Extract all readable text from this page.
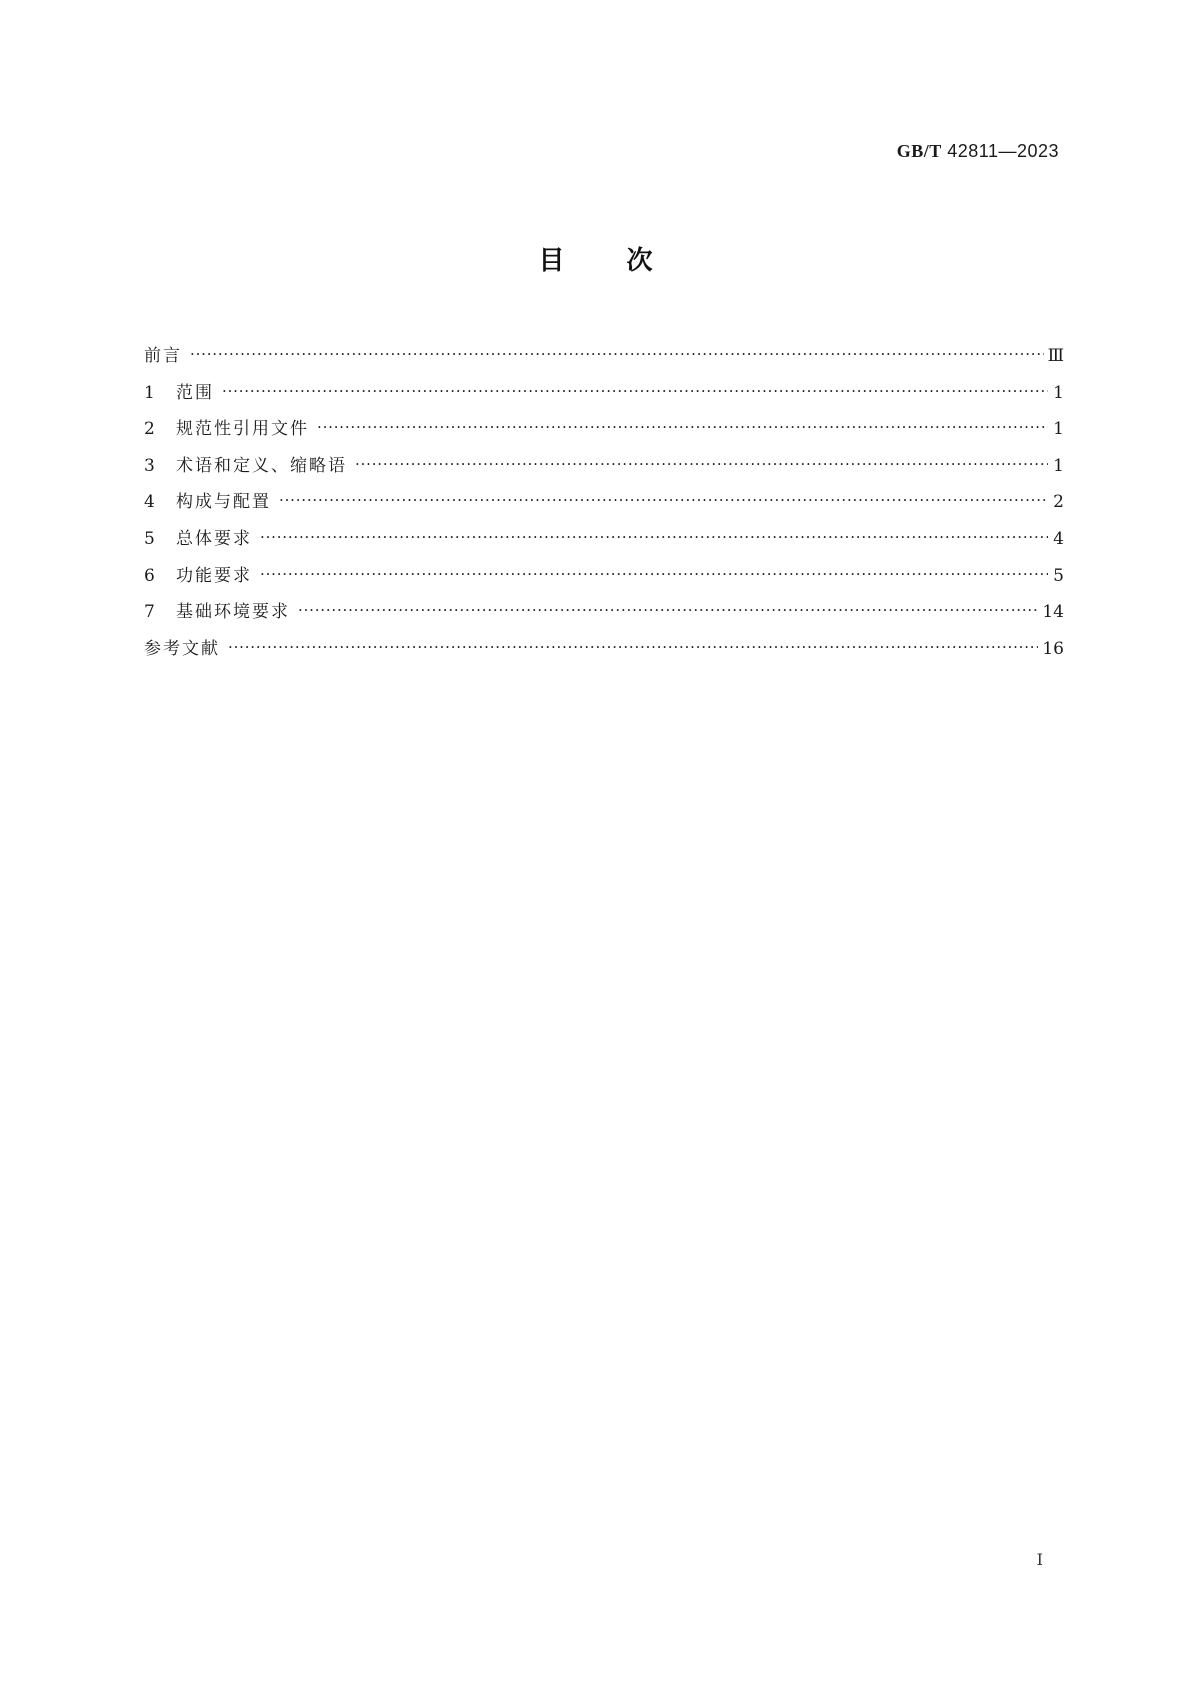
GB/T 42811—2023
目次
前言 ·····	Ⅲ
1	范围 ·····	1
2	规范性引用文件 ·····	1
3	术语和定义、缩略语 ·····	1
4	构成与配置 ·····	2
5	总体要求 ·····	4
6	功能要求 ·····	5
7	基础环境要求 ·····	14
参考文献 ·····	16
Ⅰ
